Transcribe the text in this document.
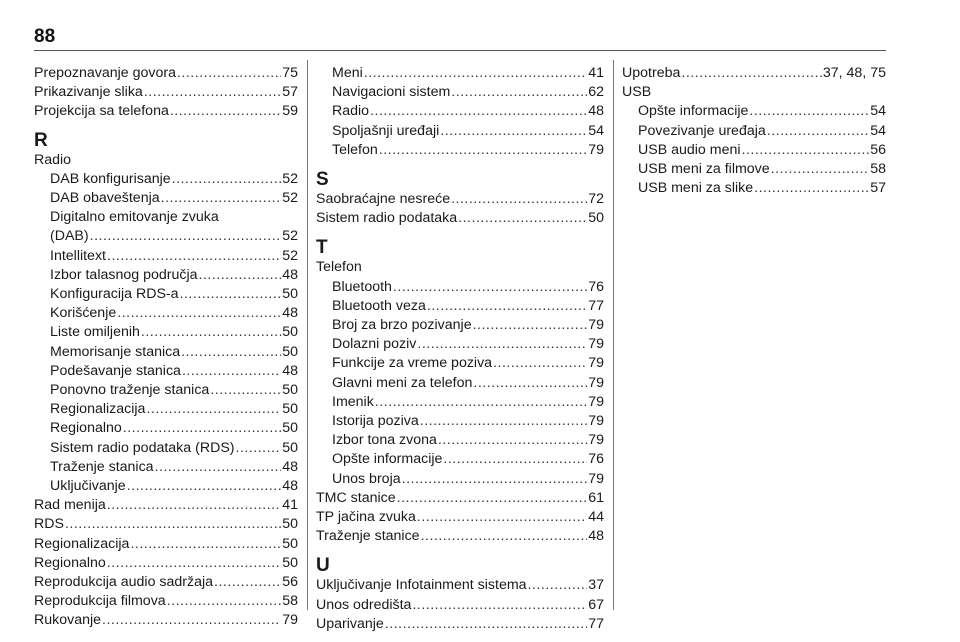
88
Prepoznavanje govora .....	75
Prikazivanje slika .....	57
Projekcija sa telefona .....	59
R
Radio
DAB konfigurisanje .....	52
DAB obaveštenja .....	52
Digitalno emitovanje zvuka
(DAB) .....	52
Intellitext .....	52
Izbor talasnog područja .....	48
Konfiguracija RDS-a .....	50
Korišćenje .....	48
Liste omiljenih .....	50
Memorisanje stanica .....	50
Podešavanje stanica .....	48
Ponovno traženje stanica .....	50
Regionalizacija .....	50
Regionalno .....	50
Sistem radio podataka (RDS) .....	50
Traženje stanica .....	48
Uključivanje .....	48
Rad menija .....	41
RDS .....	50
Regionalizacija .....	50
Regionalno .....	50
Reprodukcija audio sadržaja .....	56
Reprodukcija filmova .....	58
Rukovanje .....	79
Meni .....	41
Navigacioni sistem .....	62
Radio .....	48
Spoljašnji uređaji .....	54
Telefon .....	79
S
Saobraćajne nesreće .....	72
Sistem radio podataka .....	50
T
Telefon
Bluetooth .....	76
Bluetooth veza .....	77
Broj za brzo pozivanje .....	79
Dolazni poziv .....	79
Funkcije za vreme poziva .....	79
Glavni meni za telefon .....	79
Imenik .....	79
Istorija poziva .....	79
Izbor tona zvona .....	79
Opšte informacije .....	76
Unos broja .....	79
TMC stanice .....	61
TP jačina zvuka .....	44
Traženje stanice .....	48
U
Uključivanje Infotainment sistema .....	37
Unos odredišta .....	67
Uparivanje .....	77
Upotreba .....	37, 48, 75
USB
Opšte informacije .....	54
Povezivanje uređaja .....	54
USB audio meni .....	56
USB meni za filmove .....	58
USB meni za slike .....	57
